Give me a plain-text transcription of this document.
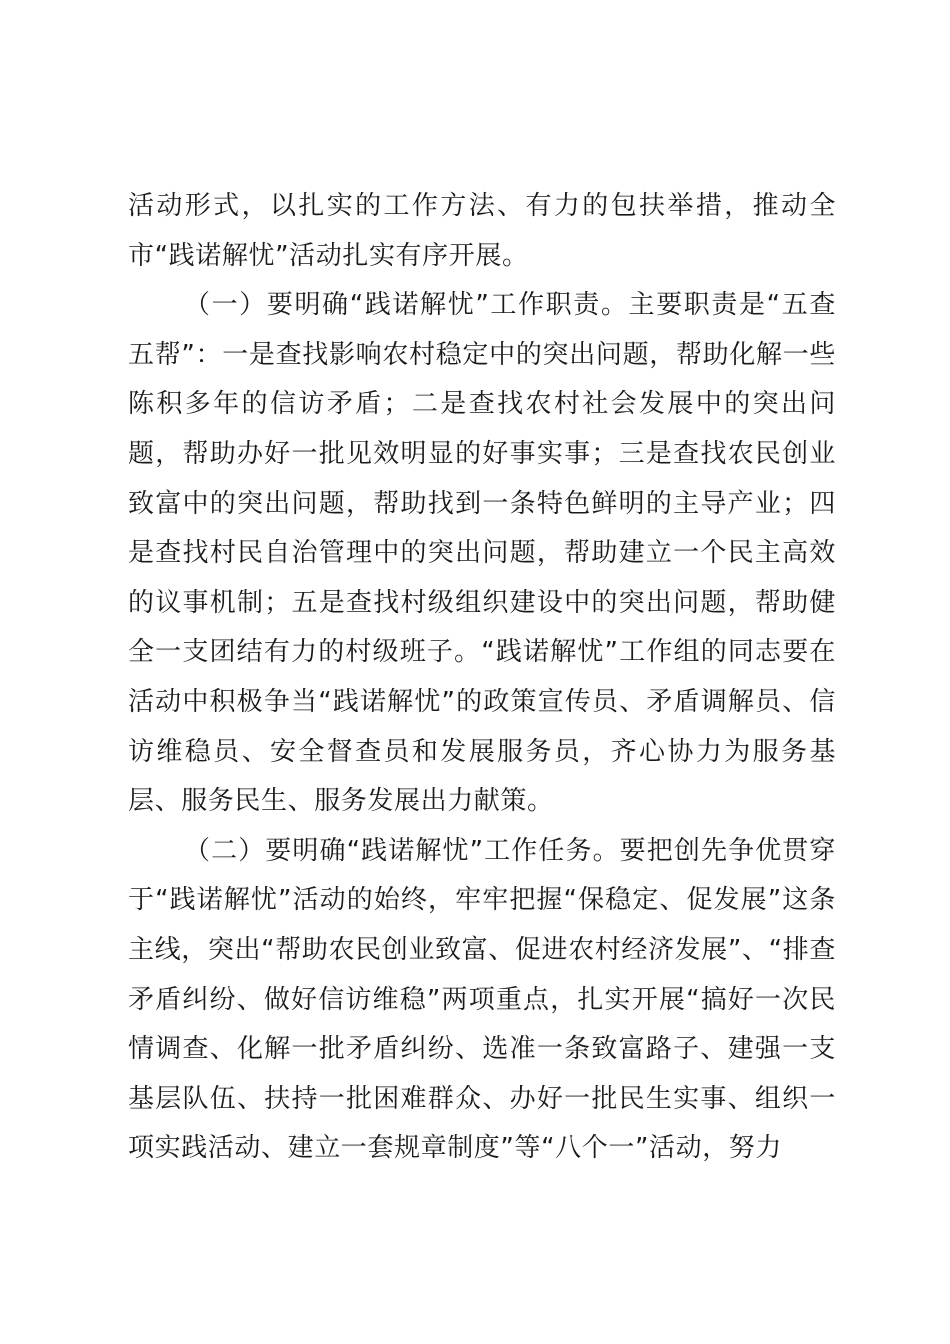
活动形式，以扎实的工作方法、有力的包扶举措，推动全市“践诺解忧”活动扎实有序开展。

（一）要明确“践诺解忧”工作职责。主要职责是“五查五帮”：一是查找影响农村稳定中的突出问题，帮助化解一些陈积多年的信访矛盾；二是查找农村社会发展中的突出问题，帮助办好一批见效明显的好事实事；三是查找农民创业致富中的突出问题，帮助找到一条特色鲜明的主导产业；四是查找村民自治管理中的突出问题，帮助建立一个民主高效的议事机制；五是查找村级组织建设中的突出问题，帮助健全一支团结有力的村级班子。“践诺解忧”工作组的同志要在活动中积极争当“践诺解忧”的政策宣传员、矛盾调解员、信访维稳员、安全督查员和发展服务员，齐心协力为服务基层、服务民生、服务发展出力献策。

（二）要明确“践诺解忧”工作任务。要把创先争优贯穿于“践诺解忧”活动的始终，牢牢把握“保稳定、促发展”这条主线，突出“帮助农民创业致富、促进农村经济发展”、“排查矛盾纠纷、做好信访维稳”两项重点，扎实开展“搞好一次民情调查、化解一批矛盾纠纷、选准一条致富路子、建强一支基层队伍、扶持一批困难群众、办好一批民生实事、组织一项实践活动、建立一套规章制度”等“八个一”活动，努力
